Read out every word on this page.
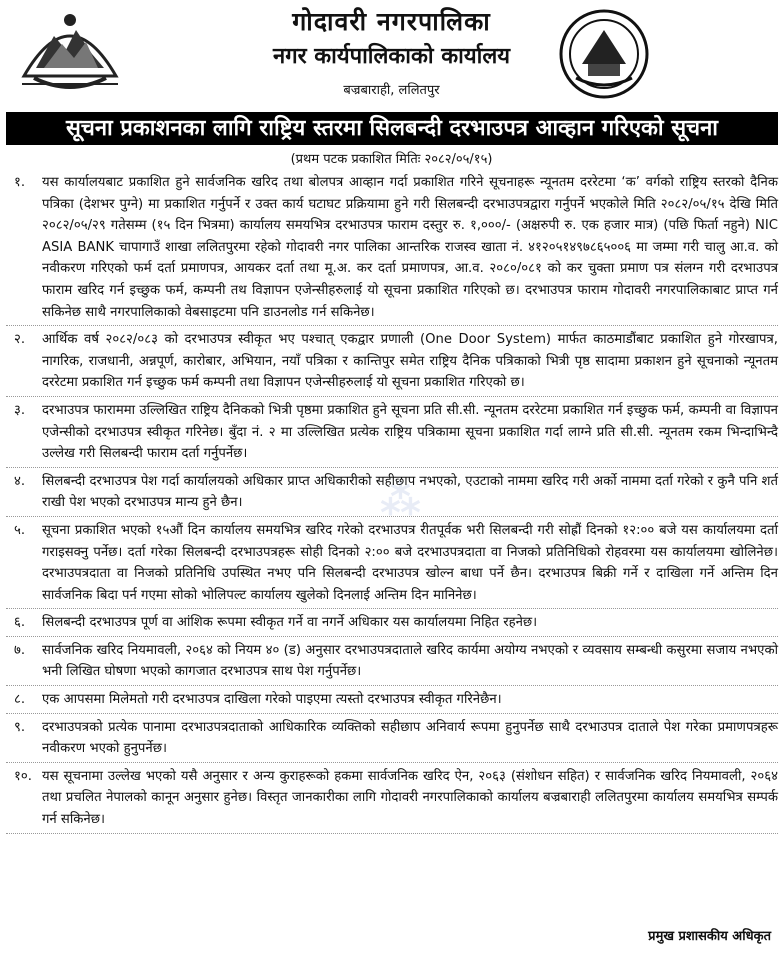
गोदावरी नगरपालिका
नगर कार्यपालिकाको कार्यालय
बज्रबाराही, ललितपुर
सूचना प्रकाशनका लागि राष्ट्रिय स्तरमा सिलबन्दी दरभाउपत्र आव्हान गरिएको सूचना
(प्रथम पटक प्रकाशित मितिः २०८२/०५/१५)
⁂
१. यस कार्यालयबाट प्रकाशित हुने सार्वजनिक खरिद तथा बोलपत्र आव्हान गर्दा प्रकाशित गरिने सूचनाहरू न्यूनतम दररेटमा ‘क’ वर्गको राष्ट्रिय स्तरको दैनिक पत्रिका (देशभर पुग्ने) मा प्रकाशित गर्नुपर्ने र उक्त कार्य घटाघट प्रक्रियामा हुने गरी सिलबन्दी दरभाउपत्रद्वारा गर्नुपर्ने भएकोले मिति २०८२/०५/१५ देखि मिति २०८२/०५/२९ गतेसम्म (१५ दिन भित्रमा) कार्यालय समयभित्र दरभाउपत्र फाराम दस्तुर रु. १,०००/- (अक्षरुपी रु. एक हजार मात्र) (पछि फिर्ता नहुने) NIC ASIA BANK चापागाउँ शाखा ललितपुरमा रहेको गोदावरी नगर पालिका आन्तरिक राजस्व खाता नं. ४१२०५१४९७८६५००६ मा जम्मा गरी चालु आ.व. को नवीकरण गरिएको फर्म दर्ता प्रमाणपत्र, आयकर दर्ता तथा मू.अ. कर दर्ता प्रमाणपत्र, आ.व. २०८०/०८१ को कर चुक्ता प्रमाण पत्र संलग्न गरी दरभाउपत्र फाराम खरिद गर्न इच्छुक फर्म, कम्पनी तथ विज्ञापन एजेन्सीहरुलाई यो सूचना प्रकाशित गरिएको छ। दरभाउपत्र फाराम गोदावरी नगरपालिकाबाट प्राप्त गर्न सकिनेछ साथै नगरपालिकाको वेबसाइटमा पनि डाउनलोड गर्न सकिनेछ।
२. आर्थिक वर्ष २०८२/०८३ को दरभाउपत्र स्वीकृत भए पश्चात् एकद्वार प्रणाली (One Door System) मार्फत काठमाडौंबाट प्रकाशित हुने गोरखापत्र, नागरिक, राजधानी, अन्नपूर्ण, कारोबार, अभियान, नयाँ पत्रिका र कान्तिपुर समेत राष्ट्रिय दैनिक पत्रिकाको भित्री पृष्ठ सादामा प्रकाशन हुने सूचनाको न्यूनतम दररेटमा प्रकाशित गर्न इच्छुक फर्म कम्पनी तथा विज्ञापन एजेन्सीहरुलाई यो सूचना प्रकाशित गरिएको छ।
३. दरभाउपत्र फाराममा उल्लिखित राष्ट्रिय दैनिकको भित्री पृष्ठमा प्रकाशित हुने सूचना प्रति सी.सी. न्यूनतम दररेटमा प्रकाशित गर्न इच्छुक फर्म, कम्पनी वा विज्ञापन एजेन्सीको दरभाउपत्र स्वीकृत गरिनेछ। बुँदा नं. २ मा उल्लिखित प्रत्येक राष्ट्रिय पत्रिकामा सूचना प्रकाशित गर्दा लाग्ने प्रति सी.सी. न्यूनतम रकम भिन्दाभिन्दै उल्लेख गरी सिलबन्दी फाराम दर्ता गर्नुपर्नेछ।
४. सिलबन्दी दरभाउपत्र पेश गर्दा कार्यालयको अधिकार प्राप्त अधिकारीको सहीछाप नभएको, एउटाको नाममा खरिद गरी अर्को नाममा दर्ता गरेको र कुनै पनि शर्त राखी पेश भएको दरभाउपत्र मान्य हुने छैन।
५. सूचना प्रकाशित भएको १५औं दिन कार्यालय समयभित्र खरिद गरेको दरभाउपत्र रीतपूर्वक भरी सिलबन्दी गरी सोह्रौं दिनको १२:०० बजे यस कार्यालयमा दर्ता गराइसक्नु पर्नेछ। दर्ता गरेका सिलबन्दी दरभाउपत्रहरू सोही दिनको २:०० बजे दरभाउपत्रदाता वा निजको प्रतिनिधिको रोहवरमा यस कार्यालयमा खोलिनेछ। दरभाउपत्रदाता वा निजको प्रतिनिधि उपस्थित नभए पनि सिलबन्दी दरभाउपत्र खोल्न बाधा पर्ने छैन। दरभाउपत्र बिक्री गर्ने र दाखिला गर्ने अन्तिम दिन सार्वजनिक बिदा पर्न गएमा सोको भोलिपल्ट कार्यालय खुलेको दिनलाई अन्तिम दिन मानिनेछ।
६. सिलबन्दी दरभाउपत्र पूर्ण वा आंशिक रूपमा स्वीकृत गर्ने वा नगर्ने अधिकार यस कार्यालयमा निहित रहनेछ।
७. सार्वजनिक खरिद नियमावली, २०६४ को नियम ४० (ड) अनुसार दरभाउपत्रदाताले खरिद कार्यमा अयोग्य नभएको र व्यवसाय सम्बन्धी कसुरमा सजाय नभएको भनी लिखित घोषणा भएको कागजात दरभाउपत्र साथ पेश गर्नुपर्नेछ।
८. एक आपसमा मिलेमतो गरी दरभाउपत्र दाखिला गरेको पाइएमा त्यस्तो दरभाउपत्र स्वीकृत गरिनेछैन।
९. दरभाउपत्रको प्रत्येक पानामा दरभाउपत्रदाताको आधिकारिक व्यक्तिको सहीछाप अनिवार्य रूपमा हुनुपर्नेछ साथै दरभाउपत्र दाताले पेश गरेका प्रमाणपत्रहरू नवीकरण भएको हुनुपर्नेछ।
१०. यस सूचनामा उल्लेख भएको यसै अनुसार र अन्य कुराहरूको हकमा सार्वजनिक खरिद ऐन, २०६३ (संशोधन सहित) र सार्वजनिक खरिद नियमावली, २०६४ तथा प्रचलित नेपालको कानून अनुसार हुनेछ। विस्तृत जानकारीका लागि गोदावरी नगरपालिकाको कार्यालय बज्रबाराही ललितपुरमा कार्यालय समयभित्र सम्पर्क गर्न सकिनेछ।
प्रमुख प्रशासकीय अधिकृत
